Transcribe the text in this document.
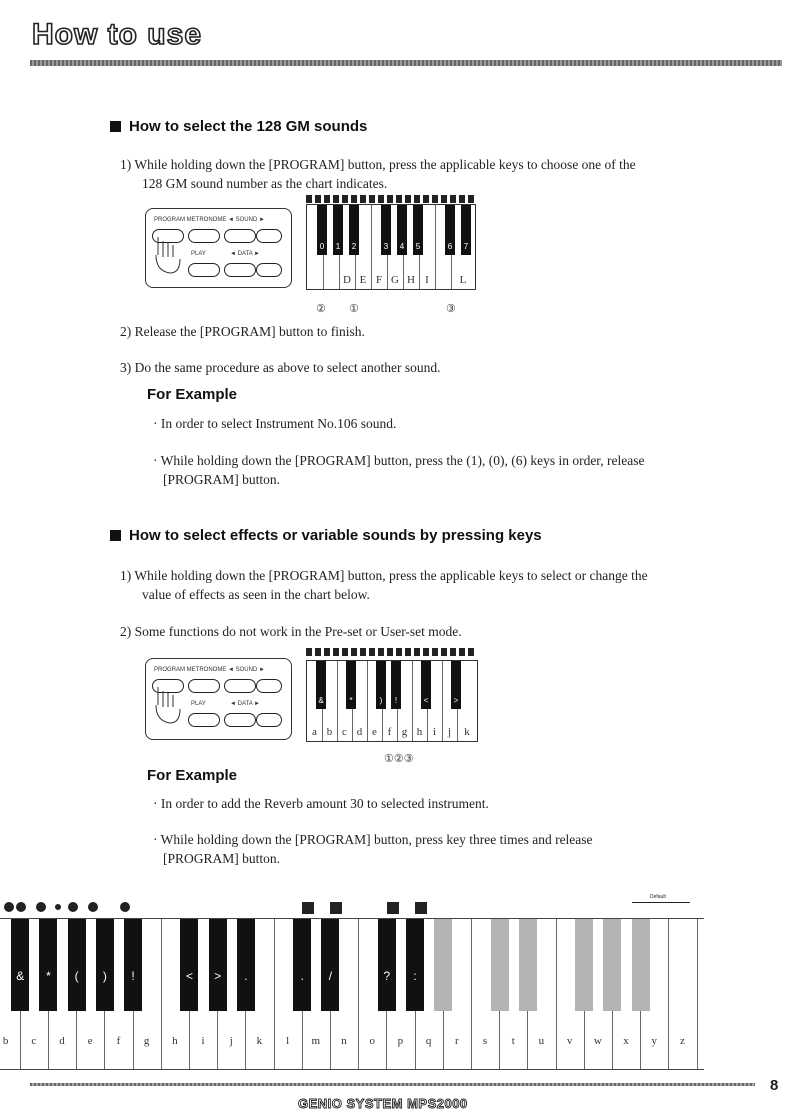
How to use
How to select the 128 GM sounds
1) While holding down the [PROGRAM] button, press the applicable keys to choose one of the
128 GM sound number as the chart indicates.
PROGRAM METRONOME ◄ SOUND ►
PLAY	◄ DATA ►
D E F G H I	L
0	1	2	3	4	5	6	7
② ①	③
2) Release the [PROGRAM] button to finish.
3) Do the same procedure as above to select another sound.
For Example
· In order to select Instrument No.106 sound.
· While holding down the [PROGRAM] button, press the (1), (0), (6) keys in order, release
[PROGRAM] button.
How to select effects or variable sounds by pressing keys
1) While holding down the [PROGRAM] button, press the applicable keys to select or change the
value of effects as seen in the chart below.
2) Some functions do not work in the Pre-set or User-set mode.
PROGRAM METRONOME ◄ SOUND ►
PLAY	◄ DATA ►
a b c d e f g h i	j	k
&	*	)	!	<	>
①②③
For Example
· In order to add the Reverb amount 30 to selected instrument.
· While holding down the [PROGRAM] button, press key three times and release
[PROGRAM] button.
Default
b	c	d	e	f	g	h	i	j	k	l	m	n	o	p	q	r	s	t	u	v	w	x	y	z
&	*	(	)	!	<	>	.	.	/	?	:
8
GENIO SYSTEM MPS2000
